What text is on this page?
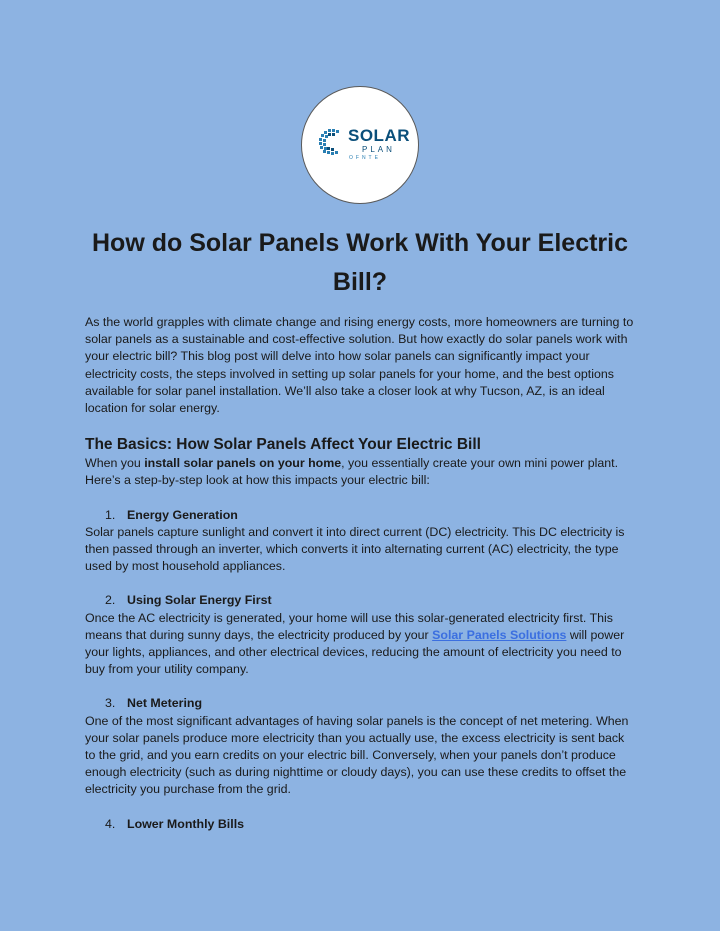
SOLAR
PLAN
OFNTE
How do Solar Panels Work With Your Electric Bill?

As the world grapples with climate change and rising energy costs, more homeowners are turning to solar panels as a sustainable and cost-effective solution. But how exactly do solar panels work with your electric bill? This blog post will delve into how solar panels can significantly impact your electricity costs, the steps involved in setting up solar panels for your home, and the best options available for solar panel installation. We’ll also take a closer look at why Tucson, AZ, is an ideal location for solar energy.

The Basics: How Solar Panels Affect Your Electric Bill

When you install solar panels on your home, you essentially create your own mini power plant. Here’s a step-by-step look at how this impacts your electric bill:

1. Energy Generation

Solar panels capture sunlight and convert it into direct current (DC) electricity. This DC electricity is then passed through an inverter, which converts it into alternating current (AC) electricity, the type used by most household appliances.

2. Using Solar Energy First

Once the AC electricity is generated, your home will use this solar-generated electricity first. This means that during sunny days, the electricity produced by your Solar Panels Solutions will power your lights, appliances, and other electrical devices, reducing the amount of electricity you need to buy from your utility company.

3. Net Metering

One of the most significant advantages of having solar panels is the concept of net metering. When your solar panels produce more electricity than you actually use, the excess electricity is sent back to the grid, and you earn credits on your electric bill. Conversely, when your panels don’t produce enough electricity (such as during nighttime or cloudy days), you can use these credits to offset the electricity you purchase from the grid.

4. Lower Monthly Bills
